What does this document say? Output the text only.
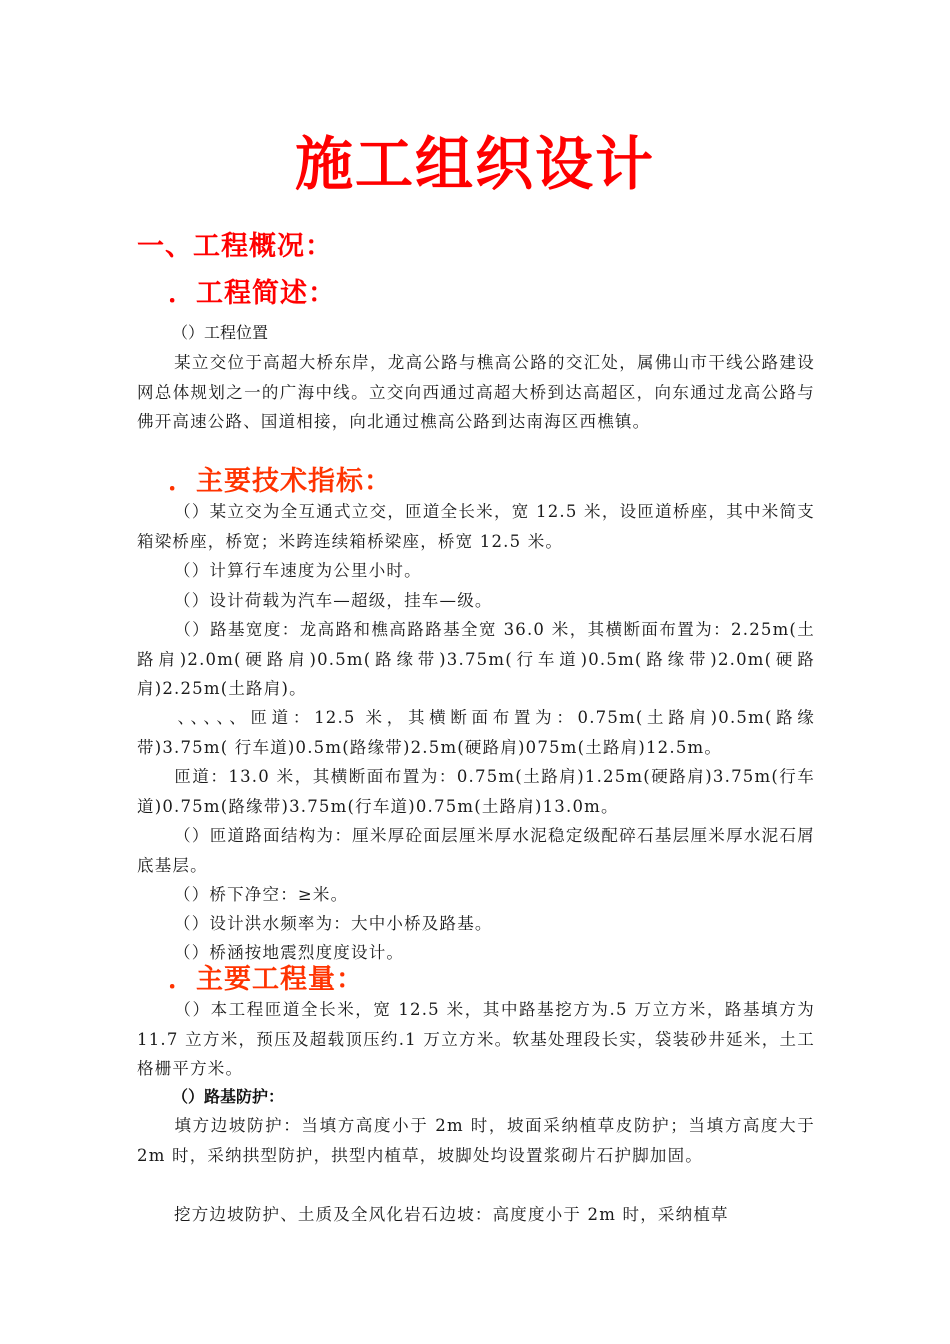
施工组织设计
一、工程概况：
．工程简述：
（）工程位置
某立交位于高超大桥东岸，龙高公路与樵高公路的交汇处，属佛山市干线公路建设网总体规划之一的广海中线。立交向西通过高超大桥到达高超区，向东通过龙高公路与佛开高速公路、国道相接，向北通过樵高公路到达南海区西樵镇。
．主要技术指标：
（）某立交为全互通式立交，匝道全长米，宽 12.5 米，设匝道桥座，其中米简支箱梁桥座，桥宽；米跨连续箱桥梁座，桥宽 12.5 米。
（）计算行车速度为公里小时。
（）设计荷载为汽车—超级，挂车—级。
（）路基宽度：龙高路和樵高路路基全宽 36.0 米，其横断面布置为：2.25m(土路肩)2.0m(硬路肩)0.5m(路缘带)3.75m(行车道)0.5m(路缘带)2.0m(硬路肩)2.25m(土路肩)。
、、、、、匝道：12.5 米，其横断面布置为：0.75m(土路肩)0.5m(路缘带)3.75m( 行车道)0.5m(路缘带)2.5m(硬路肩)075m(土路肩)12.5m。
匝道：13.0 米，其横断面布置为：0.75m(土路肩)1.25m(硬路肩)3.75m(行车道)0.75m(路缘带)3.75m(行车道)0.75m(土路肩)13.0m。
（）匝道路面结构为：厘米厚砼面层厘米厚水泥稳定级配碎石基层厘米厚水泥石屑底基层。
（）桥下净空：≥米。
（）设计洪水频率为：大中小桥及路基。
（）桥涵按地震烈度度设计。
．主要工程量：
（）本工程匝道全长米，宽 12.5 米，其中路基挖方为.5 万立方米，路基填方为 11.7 立方米，预压及超载顶压约.1 万立方米。软基处理段长实，袋装砂井延米，土工格栅平方米。
（）路基防护：
填方边坡防护：当填方高度小于 2m 时，坡面采纳植草皮防护；当填方高度大于 2m 时，采纳拱型防护，拱型内植草，坡脚处均设置浆砌片石护脚加固。
挖方边坡防护、土质及全风化岩石边坡：高度度小于 2m 时，采纳植草
